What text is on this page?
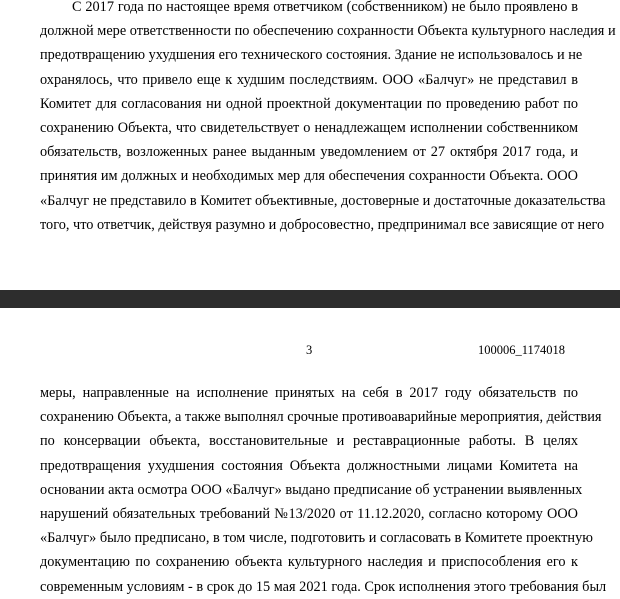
С 2017 года по настоящее время ответчиком (собственником) не было проявлено в
должной мере ответственности по обеспечению сохранности Объекта культурного наследия и
предотвращению ухудшения его технического состояния. Здание не использовалось и не
охранялось, что привело еще к худшим последствиям. ООО «Балчуг» не представил в
Комитет для согласования ни одной проектной документации по проведению работ по
сохранению Объекта, что свидетельствует о ненадлежащем исполнении собственником
обязательств, возложенных ранее выданным уведомлением от 27 октября 2017 года, и
принятия им должных и необходимых мер для обеспечения сохранности Объекта. ООО
«Балчуг не представило в Комитет объективные, достоверные и достаточные доказательства
того, что ответчик, действуя разумно и добросовестно, предпринимал все зависящие от него
3	100006_1174018
меры, направленные на исполнение принятых на себя в 2017 году обязательств по
сохранению Объекта, а также выполнял срочные противоаварийные мероприятия, действия
по консервации объекта, восстановительные и реставрационные работы. В целях
предотвращения ухудшения состояния Объекта должностными лицами Комитета на
основании акта осмотра ООО «Балчуг» выдано предписание об устранении выявленных
нарушений обязательных требований №13/2020 от 11.12.2020, согласно которому ООО
«Балчуг» было предписано, в том числе, подготовить и согласовать в Комитете проектную
документацию по сохранению объекта культурного наследия и приспособления его к
современным условиям - в срок до 15 мая 2021 года. Срок исполнения этого требования был
